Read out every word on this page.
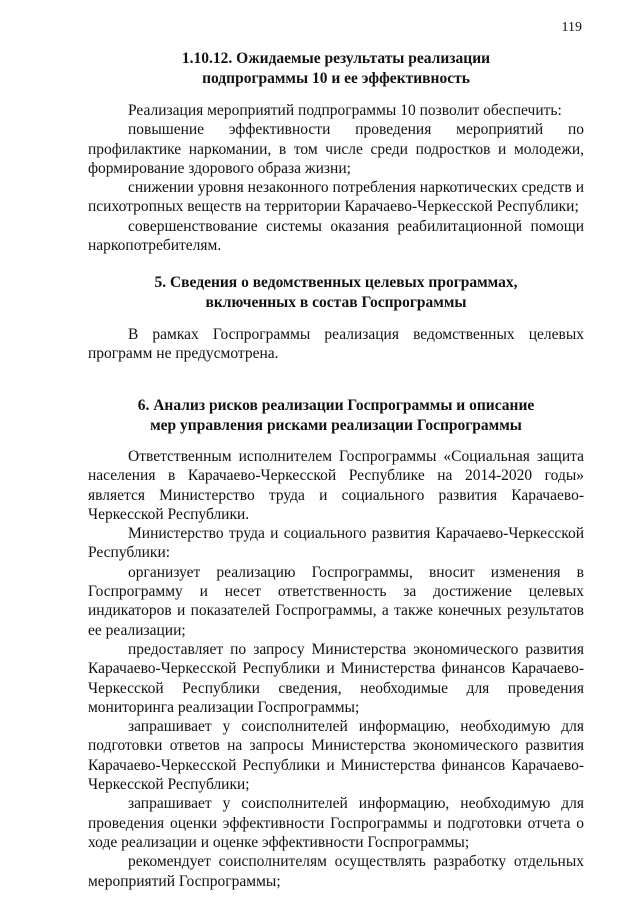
119
1.10.12. Ожидаемые результаты реализации
подпрограммы 10 и ее эффективность
Реализация мероприятий подпрограммы 10 позволит обеспечить:
повышение эффективности проведения мероприятий по профилактике наркомании, в том числе среди подростков и молодежи, формирование здорового образа жизни;
снижении уровня незаконного потребления наркотических средств и психотропных веществ на территории Карачаево-Черкесской Республики;
совершенствование системы оказания реабилитационной помощи наркопотребителям.
5. Сведения о ведомственных целевых программах,
включенных в состав Госпрограммы
В рамках Госпрограммы реализация ведомственных целевых программ не предусмотрена.
6. Анализ рисков реализации Госпрограммы и описание
мер управления рисками реализации Госпрограммы
Ответственным исполнителем Госпрограммы «Социальная защита населения в Карачаево-Черкесской Республике на 2014-2020 годы» является Министерство труда и социального развития Карачаево-Черкесской Республики.
Министерство труда и социального развития Карачаево-Черкесской Республики:
организует реализацию Госпрограммы, вносит изменения в Госпрограмму и несет ответственность за достижение целевых индикаторов и показателей Госпрограммы, а также конечных результатов ее реализации;
предоставляет по запросу Министерства экономического развития Карачаево-Черкесской Республики и Министерства финансов Карачаево-Черкесской Республики сведения, необходимые для проведения мониторинга реализации Госпрограммы;
запрашивает у соисполнителей информацию, необходимую для подготовки ответов на запросы Министерства экономического развития Карачаево-Черкесской Республики и Министерства финансов Карачаево-Черкесской Республики;
запрашивает у соисполнителей информацию, необходимую для проведения оценки эффективности Госпрограммы и подготовки отчета о ходе реализации и оценке эффективности Госпрограммы;
рекомендует соисполнителям осуществлять разработку отдельных мероприятий Госпрограммы;
